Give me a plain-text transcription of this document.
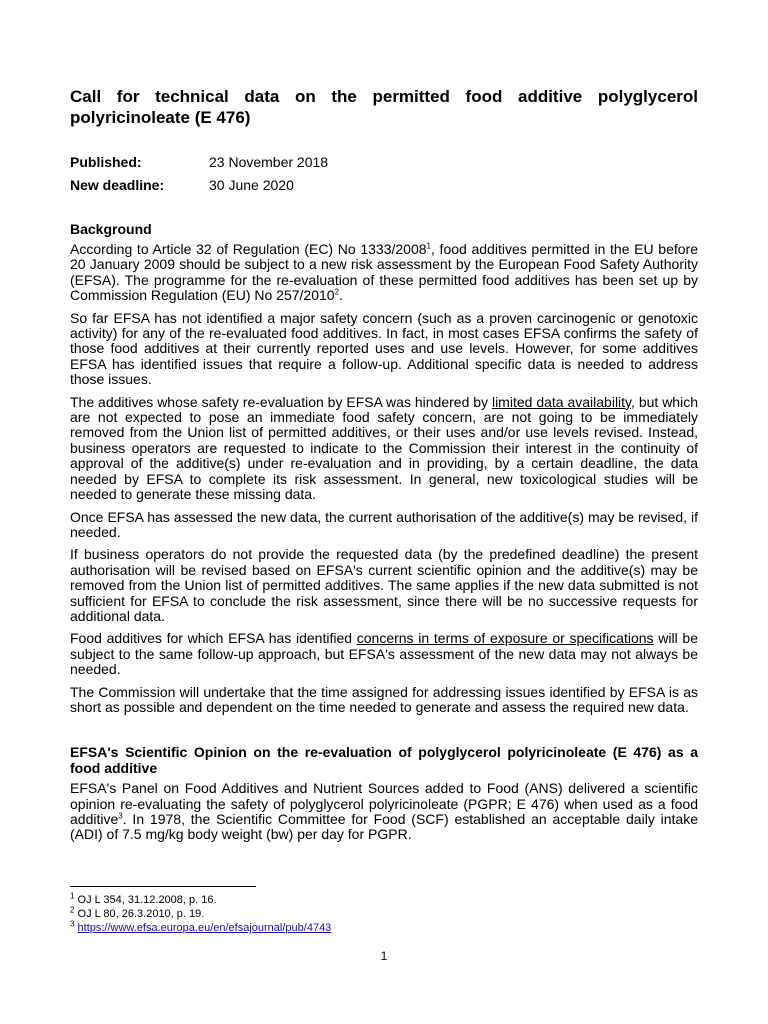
Call for technical data on the permitted food additive polyglycerol polyricinoleate (E 476)
Published:	23 November 2018
New deadline:	30 June 2020
Background

According to Article 32 of Regulation (EC) No 1333/2008$^1$, food additives permitted in the EU before 20 January 2009 should be subject to a new risk assessment by the European Food Safety Authority (EFSA). The programme for the re-evaluation of these permitted food additives has been set up by Commission Regulation (EU) No 257/2010$^2$.

So far EFSA has not identified a major safety concern (such as a proven carcinogenic or genotoxic activity) for any of the re-evaluated food additives. In fact, in most cases EFSA confirms the safety of those food additives at their currently reported uses and use levels. However, for some additives EFSA has identified issues that require a follow-up. Additional specific data is needed to address those issues.

The additives whose safety re-evaluation by EFSA was hindered by limited data availability, but which are not expected to pose an immediate food safety concern, are not going to be immediately removed from the Union list of permitted additives, or their uses and/or use levels revised. Instead, business operators are requested to indicate to the Commission their interest in the continuity of approval of the additive(s) under re-evaluation and in providing, by a certain deadline, the data needed by EFSA to complete its risk assessment. In general, new toxicological studies will be needed to generate these missing data.

Once EFSA has assessed the new data, the current authorisation of the additive(s) may be revised, if needed.

If business operators do not provide the requested data (by the predefined deadline) the present authorisation will be revised based on EFSA's current scientific opinion and the additive(s) may be removed from the Union list of permitted additives. The same applies if the new data submitted is not sufficient for EFSA to conclude the risk assessment, since there will be no successive requests for additional data.

Food additives for which EFSA has identified concerns in terms of exposure or specifications will be subject to the same follow-up approach, but EFSA's assessment of the new data may not always be needed.

The Commission will undertake that the time assigned for addressing issues identified by EFSA is as short as possible and dependent on the time needed to generate and assess the required new data.

EFSA's Scientific Opinion on the re-evaluation of polyglycerol polyricinoleate (E 476) as a food additive

EFSA's Panel on Food Additives and Nutrient Sources added to Food (ANS) delivered a scientific opinion re-evaluating the safety of polyglycerol polyricinoleate (PGPR; E 476) when used as a food additive$^3$. In 1978, the Scientific Committee for Food (SCF) established an acceptable daily intake (ADI) of 7.5 mg/kg body weight (bw) per day for PGPR.

$^1$ OJ L 354, 31.12.2008, p. 16.
$^2$ OJ L 80, 26.3.2010, p. 19.
$^3$ https://www.efsa.europa.eu/en/efsajournal/pub/4743
1
